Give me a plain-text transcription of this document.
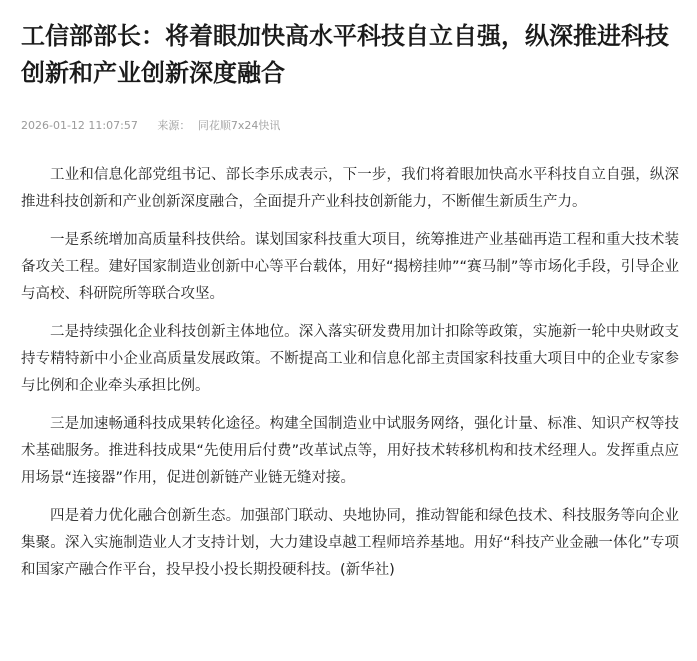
工信部部长：将着眼加快高水平科技自立自强，纵深推进科技创新和产业创新深度融合
2026-01-12 11:07:57 来源： 同花顺7x24快讯

工业和信息化部党组书记、部长李乐成表示，下一步，我们将着眼加快高水平科技自立自强，纵深推进科技创新和产业创新深度融合，全面提升产业科技创新能力，不断催生新质生产力。

一是系统增加高质量科技供给。谋划国家科技重大项目，统筹推进产业基础再造工程和重大技术装备攻关工程。建好国家制造业创新中心等平台载体，用好“揭榜挂帅”“赛马制”等市场化手段，引导企业与高校、科研院所等联合攻坚。

二是持续强化企业科技创新主体地位。深入落实研发费用加计扣除等政策，实施新一轮中央财政支持专精特新中小企业高质量发展政策。不断提高工业和信息化部主责国家科技重大项目中的企业专家参与比例和企业牵头承担比例。

三是加速畅通科技成果转化途径。构建全国制造业中试服务网络，强化计量、标准、知识产权等技术基础服务。推进科技成果“先使用后付费”改革试点等，用好技术转移机构和技术经理人。发挥重点应用场景“连接器”作用，促进创新链产业链无缝对接。

四是着力优化融合创新生态。加强部门联动、央地协同，推动智能和绿色技术、科技服务等向企业集聚。深入实施制造业人才支持计划，大力建设卓越工程师培养基地。用好“科技产业金融一体化”专项和国家产融合作平台，投早投小投长期投硬科技。(新华社)
